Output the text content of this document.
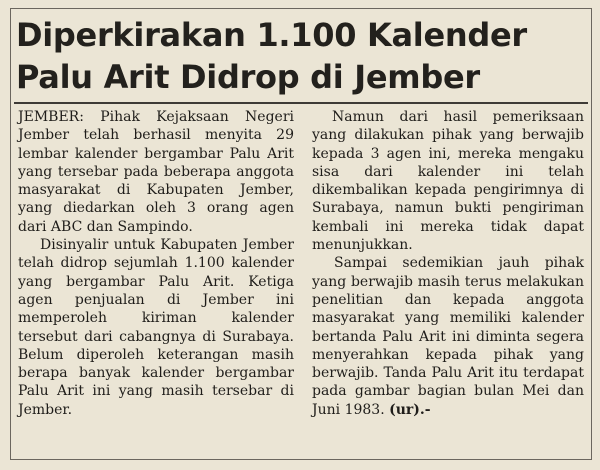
Diperkirakan 1.100 Kalender
Palu Arit Didrop di Jember

JEMBER: Pihak Kejaksaan Negeri Jember telah berhasil menyita 29 lembar kalender bergambar Palu Arit yang tersebar pada beberapa anggota masyarakat di Kabupaten Jember, yang diedarkan oleh 3 orang agen dari ABC dan Sampindo.

Disinyalir untuk Kabupaten Jember telah didrop sejumlah 1.100 kalender yang bergambar Palu Arit. Ketiga agen penjualan di Jember ini memperoleh kiriman kalender tersebut dari cabangnya di Surabaya. Belum diperoleh keterangan masih berapa banyak kalender bergambar Palu Arit ini yang masih tersebar di Jember.

Namun dari hasil pemeriksaan yang dilakukan pihak yang berwajib kepada 3 agen ini, mereka mengaku sisa dari kalender ini telah dikembalikan kepada pengirimnya di Surabaya, namun bukti pengiriman kembali ini mereka tidak dapat menunjukkan.

Sampai sedemikian jauh pihak yang berwajib masih terus melakukan penelitian dan kepada anggota masyarakat yang memiliki kalender bertanda Palu Arit ini diminta segera menyerahkan kepada pihak yang berwajib. Tanda Palu Arit itu terdapat pada gambar bagian bulan Mei dan Juni 1983. (ur).-
